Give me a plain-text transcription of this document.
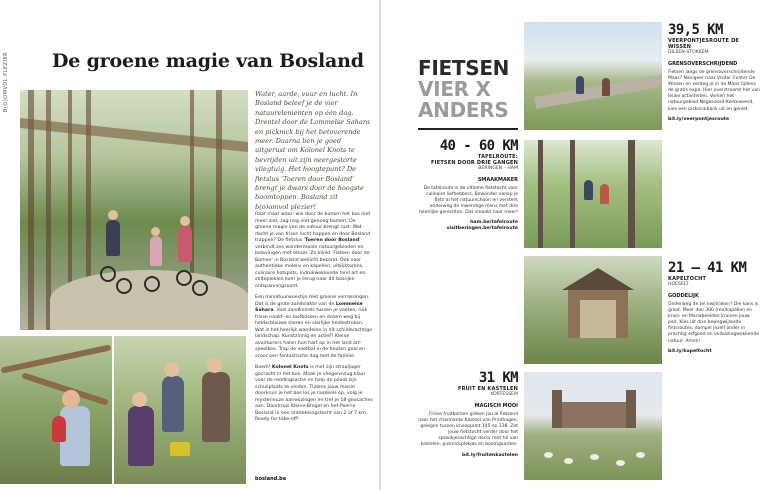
B(O)OMVOL PLEZIER De groene magie van Bosland
Water, aarde, vuur en lucht. In Bosland beleef je de vier natuurelementen op één dag. Drentel door de Lommelse Sahara en picknick bij het betoverende meer. Daarna ben je goed uitgerust om Kolonel Knots te bevrijden uit zijn neergestorte vliegtuig. Het hoogtepunt? De fietslus 'Toeren door Bosland' brengt je dwars door de hoogste boomtoppen. Bosland zit b(o)omvol plezier!

Raar maar waar: wie door de bomen het bos niet meer ziet, zag nog niet genoeg bomen. De groene magie van de natuur brengt rust. Wat dacht je van frisse lucht happen en door Bosland trappen? De fietslus 'Toeren door Bosland' verbindt zes wondermooie natuurgebieden en belevingen met elkaar. Zo klinkt 'Fietsen door de Bomen' in Bosland wellicht bekend. Ook voor authentieke molens en kapellen, uitkijktorens, culinaire hotspots, indrukwekkende land art en stiltepleklen kom je terug naar dit bosrijke ontspanningsoord.

Een miniatuurwoestijn met groene verrassingen. Dat is de grote zandvlakte van de Lommelse Sahara. Voel zandkorrels tussen je voeten, ruik frisse naald- en loofbossen en droom weg bij helderblauwe meren en sierlijke heidestroken. Wat is het heerlijk wandelen in dit schilderachtige landschap. Kunstzinnig en actief? Kleine avonturiers halen hun hart op in het land art-speelbos. Trap de voetbal in de houten goal en scoor een fantastische dag met de familie.

Boem! Kolonel Knots is met zijn straaljager gecrasht in het bos. Maak je vliegensvlug klaar voor de reddingsactie en help de piloot zijn schuilplaats te vinden. Tijdens jouw missie doorkruis je het bos los je raadsels op, volg je mysterieuze aanwijzingen en tref je 18 geocaches aan. Doorkruis Kleine-Brogel en het Peerse Bosland in een ontdekkingstocht van 2 of 7 km. Ready for take-off!

bosland.be
FIETSEN
VIER X
ANDERS
39,5 KM
VEERPONTJESROUTE DE WISSEN
DILSEN-STOKKEM
GRENSOVERSCHRIJDEND
Fietsen langs de grensoverschrijdende Maas? Navigeer naar Visitor Center De Wissen en verdeg je in de Maas tijdens de gratis expo. Hier overstroomt het van leuke activiteiten. Verken het natuurgebied Negenoord-Kerkeweerd, kies een picknickbank uit en geniet.
bit.ly/veerpontjesroute
40 - 60 KM
TAFELROUTE:
FIETSEN DOOR DRIE GANGEN
BERINGEN – HAM
SMAAKMAKER
De tafelroute is de ultieme fietstocht voor culinaire liefhebbers. Bewonder vanop je fiets al het natuurschoon en versterk onderweg de inwendige mens met drie heerlijke gerechten. Dat smaakt naar meer!
ham.be/tafelroute
visitberingen.be/tafelroute
21 – 41 KM
KAPELTOCHT
HOESELT
GODDELIJK
Onderweg de tel kwijtraken? Die kans is groot. Meer dan 300 (mo)kapellen en kruis- en Mariabeelden kruisen jouw pad. Kies uit drie bewegwijzerde fietsroutes, dompel jezelf onder in prachtig erfgoed en verbazingwekkende natuur. Amen!
bit.ly/kapeltocht
31 KM
FRUIT EN KASTELEN
KORTESSEM
MAGISCH MOOI
Frisse fruitbomen gidsen jou al fietsend naar het charmante Kasteel van Printhagen, gelegen tussen knooppunt 145 en 138. Zet jouw fietstocht verder door het sprookjesachtige decor met tal van kastelen, picknickplekjes en boomgaarden.
bit.ly/fruitenkastelen
